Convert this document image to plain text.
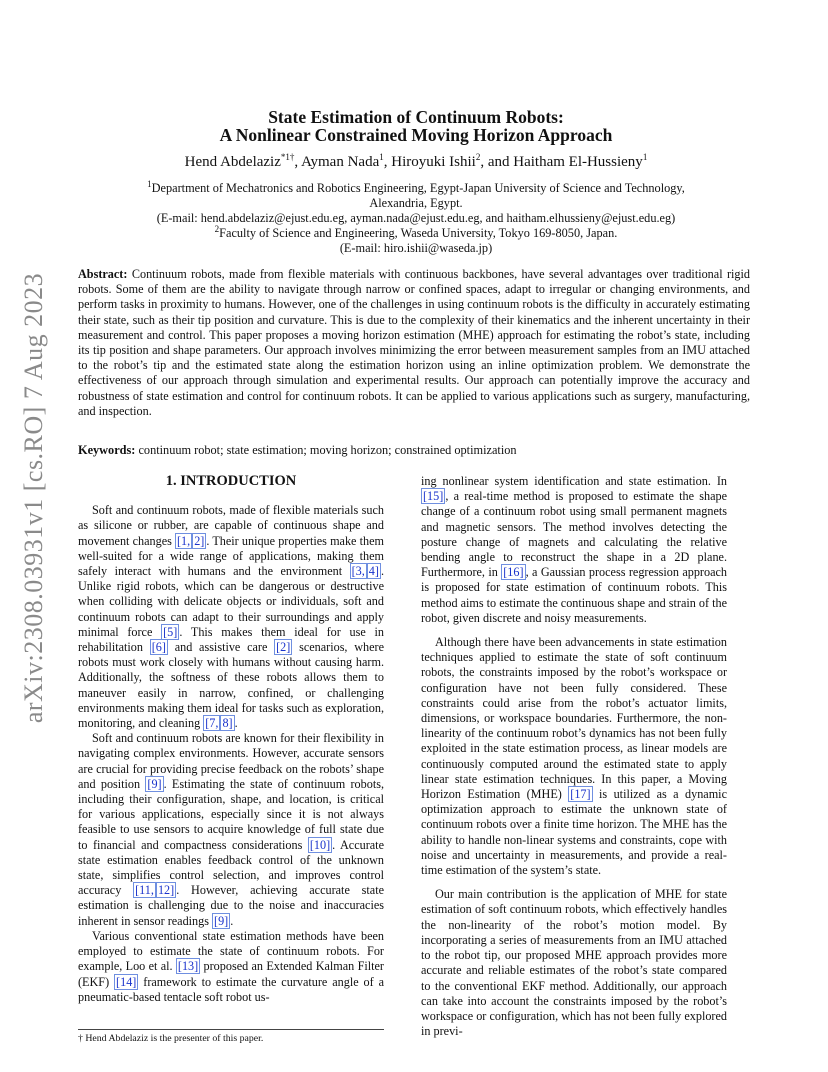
arXiv:2308.03931v1 [cs.RO] 7 Aug 2023
State Estimation of Continuum Robots:
A Nonlinear Constrained Moving Horizon Approach
Hend Abdelaziz$^{*1\dagger}$, Ayman Nada$^1$, Hiroyuki Ishii$^2$, and Haitham El-Hussieny$^1$
$^1$Department of Mechatronics and Robotics Engineering, Egypt-Japan University of Science and Technology,
Alexandria, Egypt.
(E-mail: hend.abdelaziz@ejust.edu.eg, ayman.nada@ejust.edu.eg, and haitham.elhussieny@ejust.edu.eg)
$^2$Faculty of Science and Engineering, Waseda University, Tokyo 169-8050, Japan.
(E-mail: hiro.ishii@waseda.jp)
Abstract: Continuum robots, made from flexible materials with continuous backbones, have several advantages over traditional rigid robots. Some of them are the ability to navigate through narrow or confined spaces, adapt to irregular or changing environments, and perform tasks in proximity to humans. However, one of the challenges in using continuum robots is the difficulty in accurately estimating their state, such as their tip position and curvature. This is due to the complexity of their kinematics and the inherent uncertainty in their measurement and control. This paper proposes a moving horizon estimation (MHE) approach for estimating the robot’s state, including its tip position and shape parameters. Our approach involves minimizing the error between measurement samples from an IMU attached to the robot’s tip and the estimated state along the estimation horizon using an inline optimization problem. We demonstrate the effectiveness of our approach through simulation and experimental results. Our approach can potentially improve the accuracy and robustness of state estimation and control for continuum robots. It can be applied to various applications such as surgery, manufacturing, and inspection.
Keywords: continuum robot; state estimation; moving horizon; constrained optimization
1. INTRODUCTION

Soft and continuum robots, made of flexible materials such as silicone or rubber, are capable of continuous shape and movement changes [1, 2] . Their unique properties make them well-suited for a wide range of applications, making them safely interact with humans and the environment [3, 4] . Unlike rigid robots, which can be dangerous or destructive when colliding with delicate objects or individuals, soft and continuum robots can adapt to their surroundings and apply minimal force [5] . This makes them ideal for use in rehabilitation [6] and assistive care [2] scenarios, where robots must work closely with humans without causing harm. Additionally, the softness of these robots allows them to maneuver easily in narrow, confined, or challenging environments making them ideal for tasks such as exploration, monitoring, and cleaning [7, 8] .

Soft and continuum robots are known for their flexibility in navigating complex environments. However, accurate sensors are crucial for providing precise feedback on the robots’ shape and position [9] . Estimating the state of continuum robots, including their configuration, shape, and location, is critical for various applications, especially since it is not always feasible to use sensors to acquire knowledge of full state due to financial and compactness considerations [10] . Accurate state estimation enables feedback control of the unknown state, simplifies control selection, and improves control accuracy [11, 12] . However, achieving accurate state estimation is challenging due to the noise and inaccuracies inherent in sensor readings [9] .

Various conventional state estimation methods have been employed to estimate the state of continuum robots. For example, Loo et al. [13] proposed an Extended Kalman Filter (EKF) [14] framework to estimate the curvature angle of a pneumatic-based tentacle soft robot us-

ing nonlinear system identification and state estimation. In [15] , a real-time method is proposed to estimate the shape change of a continuum robot using small permanent magnets and magnetic sensors. The method involves detecting the posture change of magnets and calculating the relative bending angle to reconstruct the shape in a 2D plane. Furthermore, in [16] , a Gaussian process regression approach is proposed for state estimation of continuum robots. This method aims to estimate the continuous shape and strain of the robot, given discrete and noisy measurements.

Although there have been advancements in state estimation techniques applied to estimate the state of soft continuum robots, the constraints imposed by the robot’s workspace or configuration have not been fully considered. These constraints could arise from the robot’s actuator limits, dimensions, or workspace boundaries. Furthermore, the non-linearity of the continuum robot’s dynamics has not been fully exploited in the state estimation process, as linear models are continuously computed around the estimated state to apply linear state estimation techniques. In this paper, a Moving Horizon Estimation (MHE) [17] is utilized as a dynamic optimization approach to estimate the unknown state of continuum robots over a finite time horizon. The MHE has the ability to handle non-linear systems and constraints, cope with noise and uncertainty in measurements, and provide a real-time estimation of the system’s state.

Our main contribution is the application of MHE for state estimation of soft continuum robots, which effectively handles the non-linearity of the robot’s motion model. By incorporating a series of measurements from an IMU attached to the robot tip, our proposed MHE approach provides more accurate and reliable estimates of the robot’s state compared to the conventional EKF method. Additionally, our approach can take into account the constraints imposed by the robot’s workspace or configuration, which has not been fully explored in previ-

† Hend Abdelaziz is the presenter of this paper.
